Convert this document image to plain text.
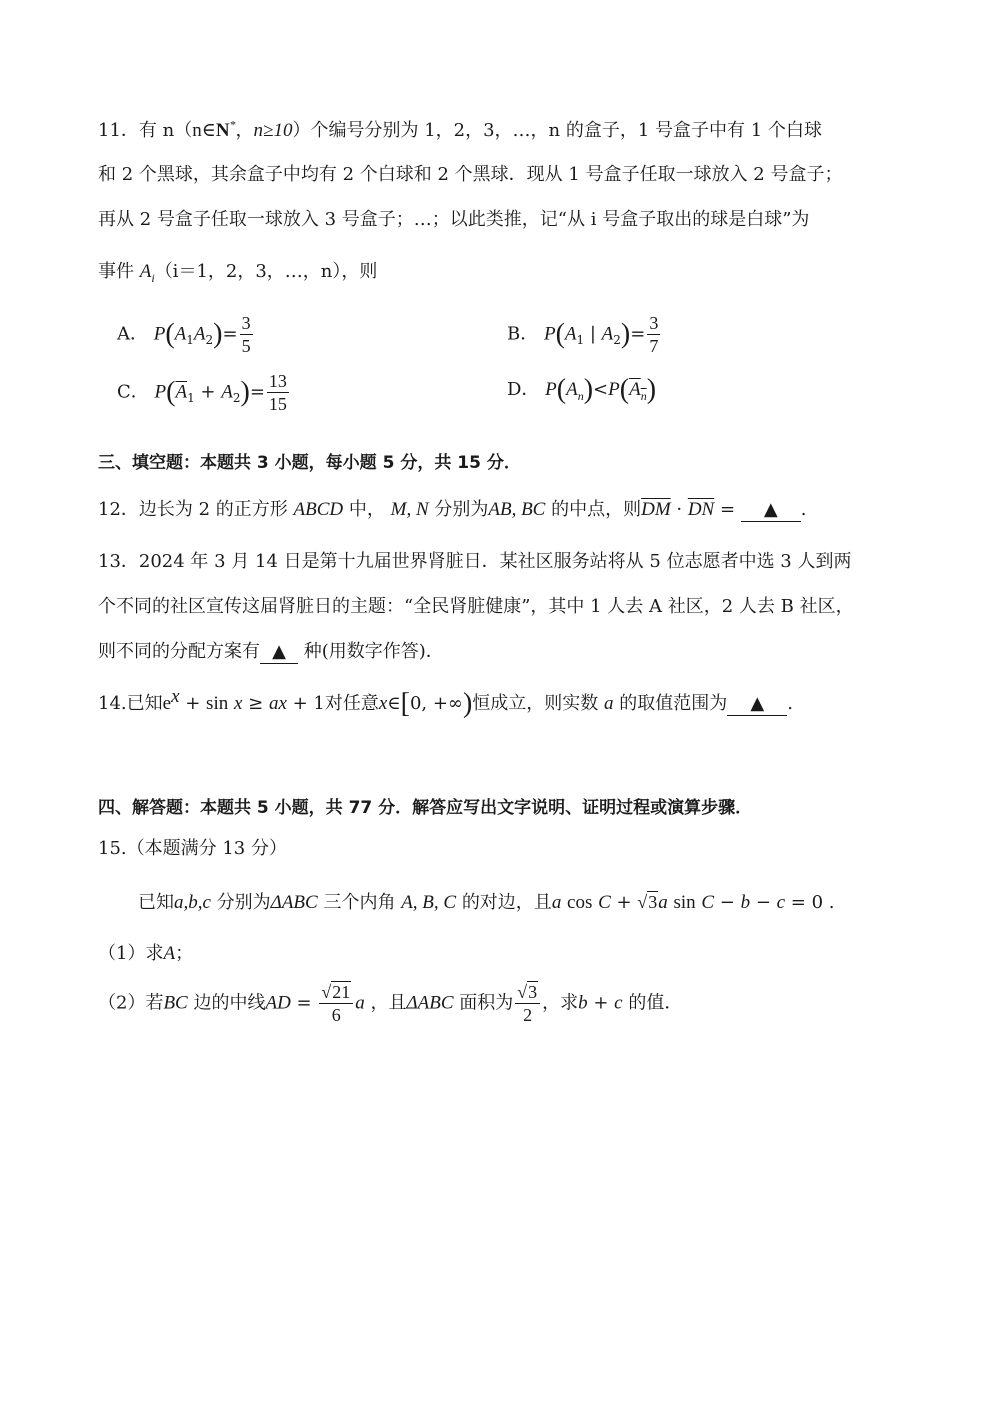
11．有 n（n∈N*，n≥10）个编号分别为 1，2，3，…，n 的盒子，1 号盒子中有 1 个白球
和 2 个黑球，其余盒子中均有 2 个白球和 2 个黑球．现从 1 号盒子任取一球放入 2 号盒子；
再从 2 号盒子任取一球放入 3 号盒子；…；以此类推，记“从 i 号盒子取出的球是白球”为
事件 $A_i(i=1$，2，3，…，n），则
A． $P(A_1A_2)= \frac{3}{5}$	B． $P(A_1$ | $A_2)= \frac{3}{7}$
C． $P(\overline{A}_1 + A_2)= \frac{13}{15}$	D． $P(A_n)<P(A_n)$
三、填空题：本题共 3 小题，每小题 5 分，共 15 分．
12．边长为 2 的正方形 ABCD 中， M, N 分别为AB, BC 的中点，则$\overline{DM} \cdot \overline{DN}$ = ▲ .
13．2024 年 3 月 14 日是第十九届世界肾脏日．某社区服务站将从 5 位志愿者中选 3 人到两
个不同的社区宣传这届肾脏日的主题：“全民肾脏健康”，其中 1 人去 A 社区，2 人去 B 社区，
则不同的分配方案有 ▲ 种(用数字作答)．
14.已知$e^x + \sin x$ ≥ ax + 1对任意x∈[0, +∞)恒成立，则实数 a 的取值范围为 ▲ .
四、解答题：本题共 5 小题，共 77 分．解答应写出文字说明、证明过程或演算步骤．
15.（本题满分 13 分）
已知a,b,c 分别为ΔABC 三个内角 A, B, C 的对边，且a cos C + √3a sin C − b − c = 0 .
（1）求A；
（2）若BC 边的中线AD = $\frac{√21}{6}$ a ，且ΔABC 面积为 $\frac{√3}{2}$ ，求b + c 的值．
